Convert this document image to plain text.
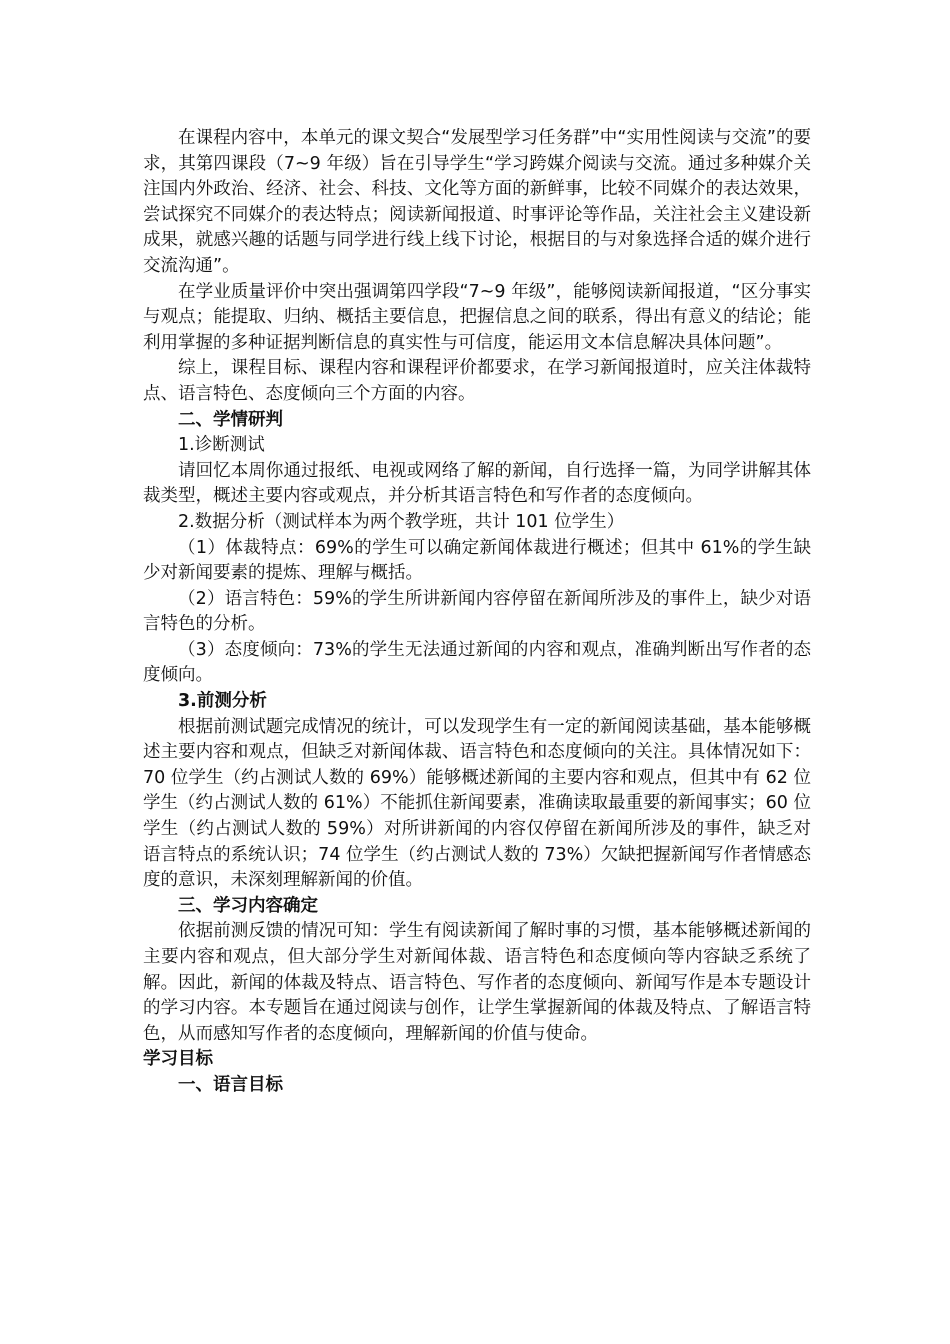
在课程内容中，本单元的课文契合“发展型学习任务群”中“实用性阅读与交流”的要求，其第四课段（7~9 年级）旨在引导学生“学习跨媒介阅读与交流。通过多种媒介关注国内外政治、经济、社会、科技、文化等方面的新鲜事，比较不同媒介的表达效果，尝试探究不同媒介的表达特点；阅读新闻报道、时事评论等作品，关注社会主义建设新成果，就感兴趣的话题与同学进行线上线下讨论，根据目的与对象选择合适的媒介进行交流沟通”。

在学业质量评价中突出强调第四学段“7~9 年级”，能够阅读新闻报道，“区分事实与观点；能提取、归纳、概括主要信息，把握信息之间的联系，得出有意义的结论；能利用掌握的多种证据判断信息的真实性与可信度，能运用文本信息解决具体问题”。

综上，课程目标、课程内容和课程评价都要求，在学习新闻报道时，应关注体裁特点、语言特色、态度倾向三个方面的内容。

二、学情研判

1.诊断测试

请回忆本周你通过报纸、电视或网络了解的新闻，自行选择一篇，为同学讲解其体裁类型，概述主要内容或观点，并分析其语言特色和写作者的态度倾向。

2.数据分析（测试样本为两个教学班，共计 101 位学生）

（1）体裁特点：69%的学生可以确定新闻体裁进行概述；但其中 61%的学生缺少对新闻要素的提炼、理解与概括。

（2）语言特色：59%的学生所讲新闻内容停留在新闻所涉及的事件上，缺少对语言特色的分析。

（3）态度倾向：73%的学生无法通过新闻的内容和观点，准确判断出写作者的态度倾向。

3.前测分析

根据前测试题完成情况的统计，可以发现学生有一定的新闻阅读基础，基本能够概述主要内容和观点，但缺乏对新闻体裁、语言特色和态度倾向的关注。具体情况如下：70 位学生（约占测试人数的 69%）能够概述新闻的主要内容和观点，但其中有 62 位学生（约占测试人数的 61%）不能抓住新闻要素，准确读取最重要的新闻事实；60 位学生（约占测试人数的 59%）对所讲新闻的内容仅停留在新闻所涉及的事件，缺乏对语言特点的系统认识；74 位学生（约占测试人数的 73%）欠缺把握新闻写作者情感态度的意识，未深刻理解新闻的价值。

三、学习内容确定

依据前测反馈的情况可知：学生有阅读新闻了解时事的习惯，基本能够概述新闻的主要内容和观点，但大部分学生对新闻体裁、语言特色和态度倾向等内容缺乏系统了解。因此，新闻的体裁及特点、语言特色、写作者的态度倾向、新闻写作是本专题设计的学习内容。本专题旨在通过阅读与创作，让学生掌握新闻的体裁及特点、了解语言特色，从而感知写作者的态度倾向，理解新闻的价值与使命。

学习目标

一、语言目标
